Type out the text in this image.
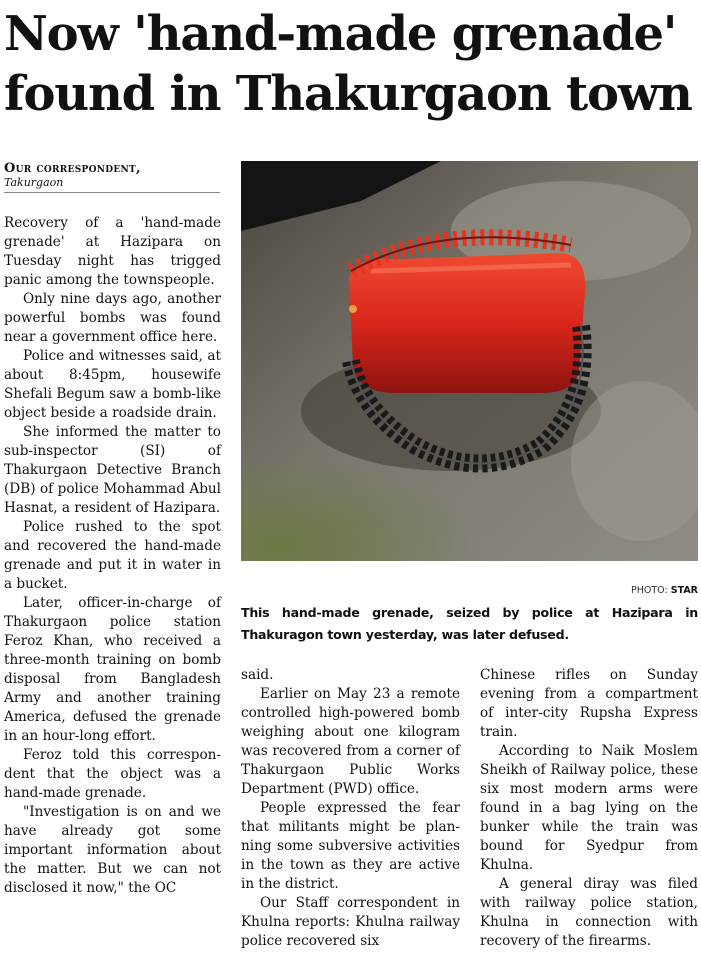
Now 'hand-made grenade'
found in Thakurgaon town
Our correspondent,
Takurgaon

Recovery of a 'hand-made grenade' at Hazipara on Tuesday night has trigged panic among the townspeople.

Only nine days ago, another powerful bombs was found near a government office here.

Police and witnesses said, at about 8:45pm, housewife Shefali Begum saw a bomb-like object beside a roadside drain.

She informed the matter to sub-inspector (SI) of Thakurgaon Detective Branch (DB) of police Mohammad Abul Hasnat, a resident of Hazipara.

Police rushed to the spot and recovered the hand-made grenade and put it in water in a bucket.

Later, officer-in-charge of Thakurgaon police station Feroz Khan, who received a three-month training on bomb disposal from Bangladesh Army and another training America, defused the grenade in an hour-long effort.

Feroz told this correspondent that the object was a hand-made grenade.

"Investigation is on and we have already got some important information about the matter. But we can not disclosed it now," the OC

PHOTO: STAR
This hand-made grenade, seized by police at Hazipara in Thakuragon town yesterday, was later defused.

said.

Earlier on May 23 a remote controlled high-powered bomb weighing about one kilogram was recovered from a corner of Thakurgaon Public Works Department (PWD) office.

People expressed the fear that militants might be planning some subversive activities in the town as they are active in the district.

Our Staff correspondent in Khulna reports: Khulna railway police recovered six

Chinese rifles on Sunday evening from a compartment of inter-city Rupsha Express train.

According to Naik Moslem Sheikh of Railway police, these six most modern arms were found in a bag lying on the bunker while the train was bound for Syedpur from Khulna.

A general diray was filed with railway police station, Khulna in connection with recovery of the firearms.
